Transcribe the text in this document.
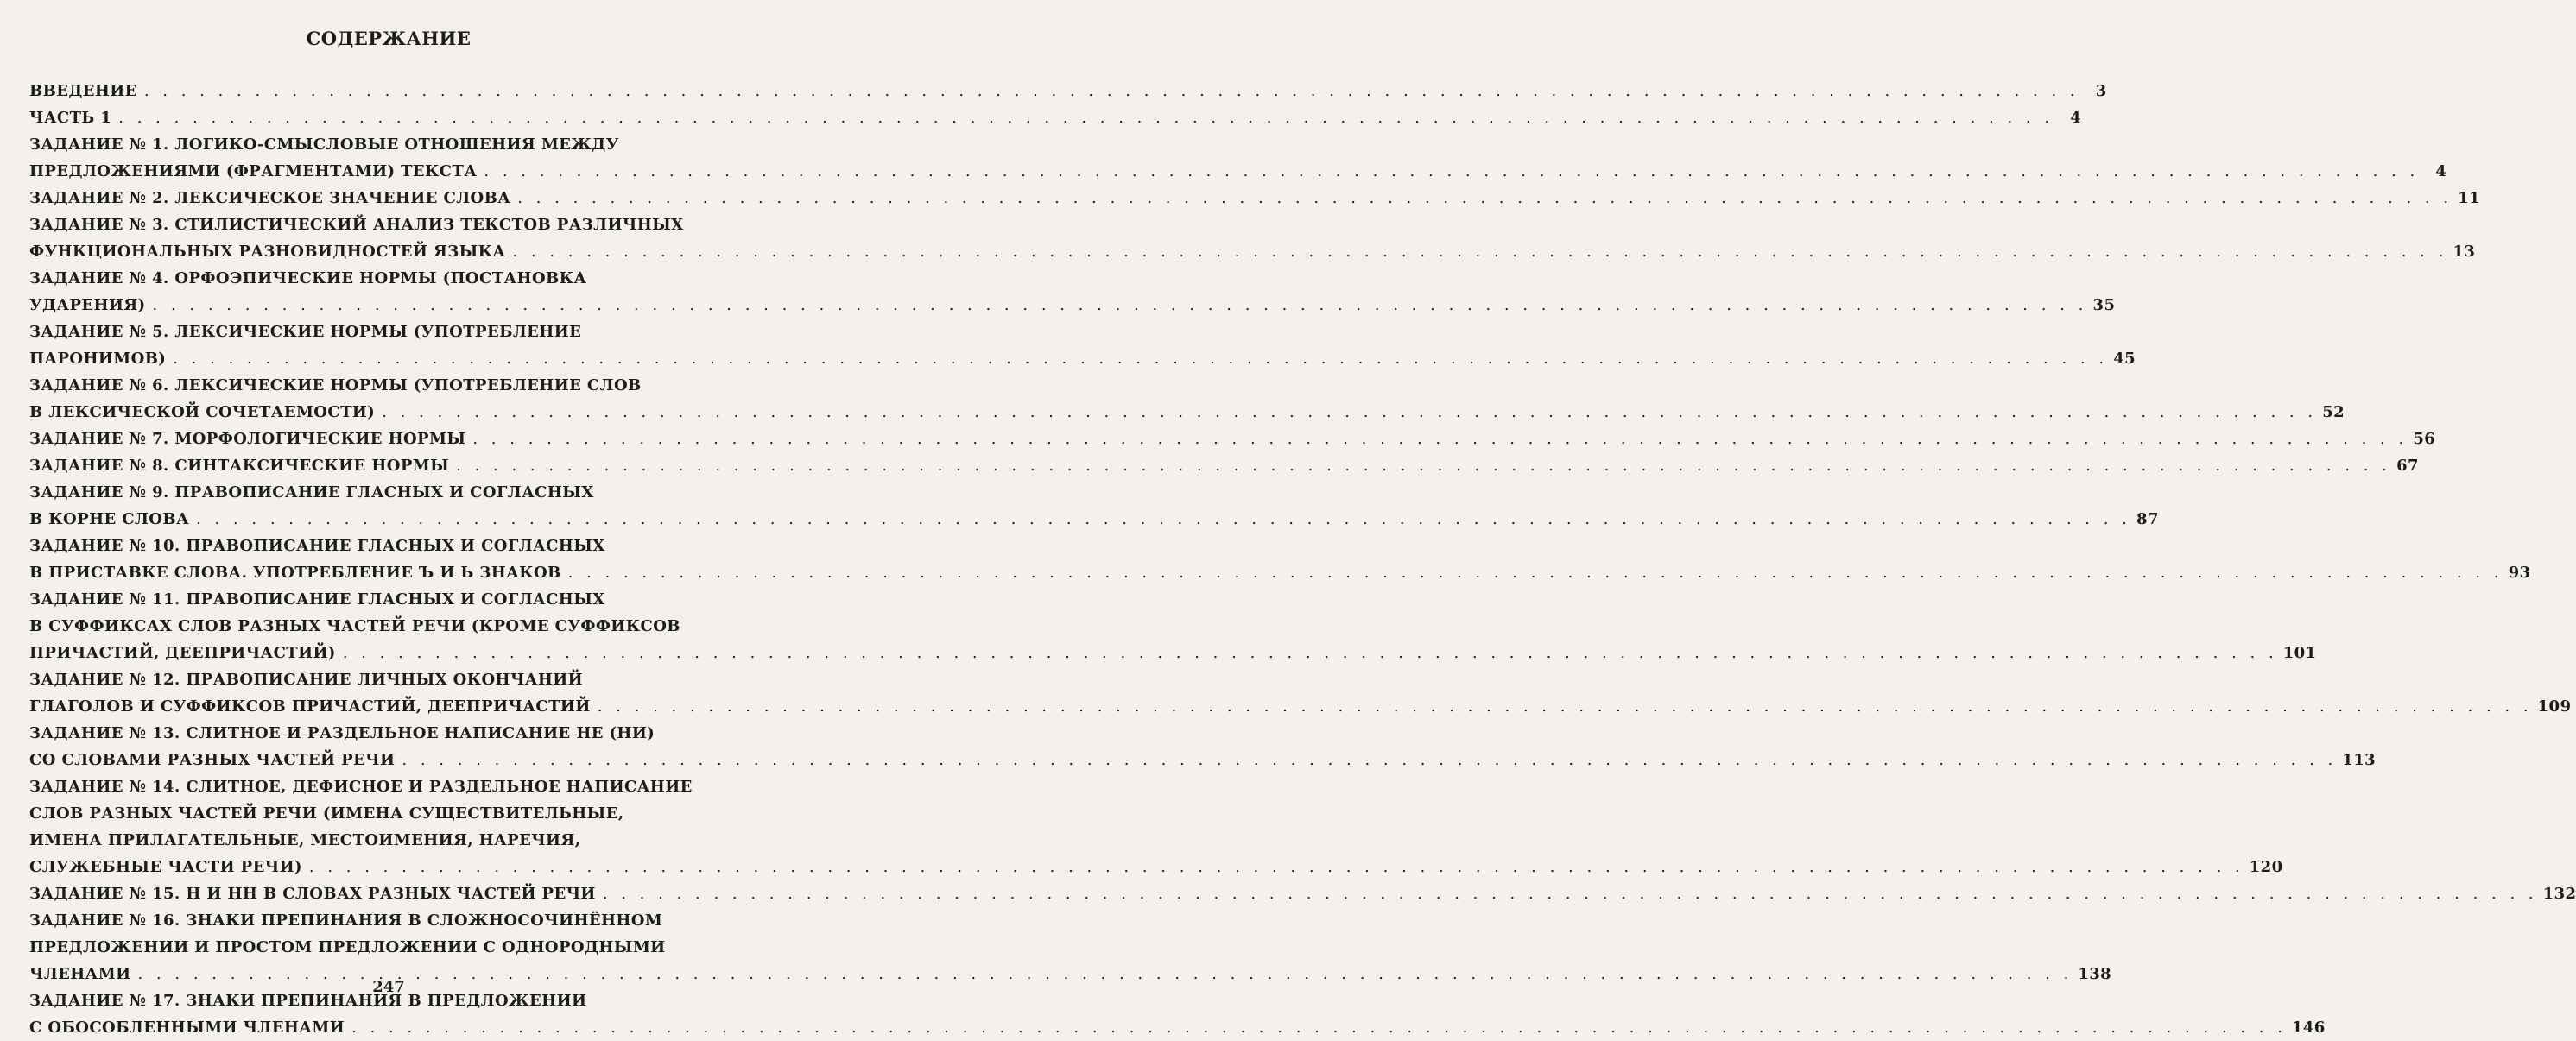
СОДЕРЖАНИЕ
ВВЕДЕНИЕ . . . . . . . . . . . . . . . . . . . . . . . . . . . . . . . . . . . . . . . . . . . . . . . . . . . . . . . . . . . . . . . . . . . . . . . . . . . . . . . . . . . . . . . . . . . . . . . . . . . . . . . . .	3
ЧАСТЬ 1 . . . . . . . . . . . . . . . . . . . . . . . . . . . . . . . . . . . . . . . . . . . . . . . . . . . . . . . . . . . . . . . . . . . . . . . . . . . . . . . . . . . . . . . . . . . . . . . . . . . . . . . . .	4
ЗАДАНИЕ № 1. ЛОГИКО-СМЫСЛОВЫЕ ОТНОШЕНИЯ МЕЖДУ
ПРЕДЛОЖЕНИЯМИ (ФРАГМЕНТАМИ) ТЕКСТА . . . . . . . . . . . . . . . . . . . . . . . . . . . . . . . . . . . . . . . . . . . . . . . . . . . . . . . . . . . . . . . . . . . . . . . . . . . . . . . . . . . . . . . . . . . . . . . . . . . . . . . . .	4
ЗАДАНИЕ № 2. ЛЕКСИЧЕСКОЕ ЗНАЧЕНИЕ СЛОВА . . . . . . . . . . . . . . . . . . . . . . . . . . . . . . . . . . . . . . . . . . . . . . . . . . . . . . . . . . . . . . . . . . . . . . . . . . . . . . . . . . . . . . . . . . . . . . . . . . . . . . . . . 11
ЗАДАНИЕ № 3. СТИЛИСТИЧЕСКИЙ АНАЛИЗ ТЕКСТОВ РАЗЛИЧНЫХ
ФУНКЦИОНАЛЬНЫХ РАЗНОВИДНОСТЕЙ ЯЗЫКА . . . . . . . . . . . . . . . . . . . . . . . . . . . . . . . . . . . . . . . . . . . . . . . . . . . . . . . . . . . . . . . . . . . . . . . . . . . . . . . . . . . . . . . . . . . . . . . . . . . . . . . . . 13
ЗАДАНИЕ № 4. ОРФОЭПИЧЕСКИЕ НОРМЫ (ПОСТАНОВКА
УДАРЕНИЯ) . . . . . . . . . . . . . . . . . . . . . . . . . . . . . . . . . . . . . . . . . . . . . . . . . . . . . . . . . . . . . . . . . . . . . . . . . . . . . . . . . . . . . . . . . . . . . . . . . . . . . . . . . 35
ЗАДАНИЕ № 5. ЛЕКСИЧЕСКИЕ НОРМЫ (УПОТРЕБЛЕНИЕ
ПАРОНИМОВ) . . . . . . . . . . . . . . . . . . . . . . . . . . . . . . . . . . . . . . . . . . . . . . . . . . . . . . . . . . . . . . . . . . . . . . . . . . . . . . . . . . . . . . . . . . . . . . . . . . . . . . . . . 45
ЗАДАНИЕ № 6. ЛЕКСИЧЕСКИЕ НОРМЫ (УПОТРЕБЛЕНИЕ СЛОВ
В ЛЕКСИЧЕСКОЙ СОЧЕТАЕМОСТИ) . . . . . . . . . . . . . . . . . . . . . . . . . . . . . . . . . . . . . . . . . . . . . . . . . . . . . . . . . . . . . . . . . . . . . . . . . . . . . . . . . . . . . . . . . . . . . . . . . . . . . . . . . 52
ЗАДАНИЕ № 7. МОРФОЛОГИЧЕСКИЕ НОРМЫ . . . . . . . . . . . . . . . . . . . . . . . . . . . . . . . . . . . . . . . . . . . . . . . . . . . . . . . . . . . . . . . . . . . . . . . . . . . . . . . . . . . . . . . . . . . . . . . . . . . . . . . . . 56
ЗАДАНИЕ № 8. СИНТАКСИЧЕСКИЕ НОРМЫ . . . . . . . . . . . . . . . . . . . . . . . . . . . . . . . . . . . . . . . . . . . . . . . . . . . . . . . . . . . . . . . . . . . . . . . . . . . . . . . . . . . . . . . . . . . . . . . . . . . . . . . . . 67
ЗАДАНИЕ № 9. ПРАВОПИСАНИЕ ГЛАСНЫХ И СОГЛАСНЫХ
В КОРНЕ СЛОВА . . . . . . . . . . . . . . . . . . . . . . . . . . . . . . . . . . . . . . . . . . . . . . . . . . . . . . . . . . . . . . . . . . . . . . . . . . . . . . . . . . . . . . . . . . . . . . . . . . . . . . . . . 87
ЗАДАНИЕ № 10. ПРАВОПИСАНИЕ ГЛАСНЫХ И СОГЛАСНЫХ
В ПРИСТАВКЕ СЛОВА. УПОТРЕБЛЕНИЕ Ъ И Ь ЗНАКОВ . . . . . . . . . . . . . . . . . . . . . . . . . . . . . . . . . . . . . . . . . . . . . . . . . . . . . . . . . . . . . . . . . . . . . . . . . . . . . . . . . . . . . . . . . . . . . . . . . . . . . . . . . 93
ЗАДАНИЕ № 11. ПРАВОПИСАНИЕ ГЛАСНЫХ И СОГЛАСНЫХ
В СУФФИКСАХ СЛОВ РАЗНЫХ ЧАСТЕЙ РЕЧИ (КРОМЕ СУФФИКСОВ
ПРИЧАСТИЙ, ДЕЕПРИЧАСТИЙ) . . . . . . . . . . . . . . . . . . . . . . . . . . . . . . . . . . . . . . . . . . . . . . . . . . . . . . . . . . . . . . . . . . . . . . . . . . . . . . . . . . . . . . . . . . . . . . . . . . . . . . . . . 101
ЗАДАНИЕ № 12. ПРАВОПИСАНИЕ ЛИЧНЫХ ОКОНЧАНИЙ
ГЛАГОЛОВ И СУФФИКСОВ ПРИЧАСТИЙ, ДЕЕПРИЧАСТИЙ . . . . . . . . . . . . . . . . . . . . . . . . . . . . . . . . . . . . . . . . . . . . . . . . . . . . . . . . . . . . . . . . . . . . . . . . . . . . . . . . . . . . . . . . . . . . . . . . . . . . . . . . . 109
ЗАДАНИЕ № 13. СЛИТНОЕ И РАЗДЕЛЬНОЕ НАПИСАНИЕ НЕ (НИ)
СО СЛОВАМИ РАЗНЫХ ЧАСТЕЙ РЕЧИ . . . . . . . . . . . . . . . . . . . . . . . . . . . . . . . . . . . . . . . . . . . . . . . . . . . . . . . . . . . . . . . . . . . . . . . . . . . . . . . . . . . . . . . . . . . . . . . . . . . . . . . . . 113
ЗАДАНИЕ № 14. СЛИТНОЕ, ДЕФИСНОЕ И РАЗДЕЛЬНОЕ НАПИСАНИЕ
СЛОВ РАЗНЫХ ЧАСТЕЙ РЕЧИ (ИМЕНА СУЩЕСТВИТЕЛЬНЫЕ,
ИМЕНА ПРИЛАГАТЕЛЬНЫЕ, МЕСТОИМЕНИЯ, НАРЕЧИЯ,
СЛУЖЕБНЫЕ ЧАСТИ РЕЧИ) . . . . . . . . . . . . . . . . . . . . . . . . . . . . . . . . . . . . . . . . . . . . . . . . . . . . . . . . . . . . . . . . . . . . . . . . . . . . . . . . . . . . . . . . . . . . . . . . . . . . . . . . . 120
ЗАДАНИЕ № 15. Н И НН В СЛОВАХ РАЗНЫХ ЧАСТЕЙ РЕЧИ . . . . . . . . . . . . . . . . . . . . . . . . . . . . . . . . . . . . . . . . . . . . . . . . . . . . . . . . . . . . . . . . . . . . . . . . . . . . . . . . . . . . . . . . . . . . . . . . . . . . . . . . . 132
ЗАДАНИЕ № 16. ЗНАКИ ПРЕПИНАНИЯ В СЛОЖНОСОЧИНЁННОМ
ПРЕДЛОЖЕНИИ И ПРОСТОМ ПРЕДЛОЖЕНИИ С ОДНОРОДНЫМИ
ЧЛЕНАМИ . . . . . . . . . . . . . . . . . . . . . . . . . . . . . . . . . . . . . . . . . . . . . . . . . . . . . . . . . . . . . . . . . . . . . . . . . . . . . . . . . . . . . . . . . . . . . . . . . . . . . . . . . 138
ЗАДАНИЕ № 17. ЗНАКИ ПРЕПИНАНИЯ В ПРЕДЛОЖЕНИИ
С ОБОСОБЛЕННЫМИ ЧЛЕНАМИ . . . . . . . . . . . . . . . . . . . . . . . . . . . . . . . . . . . . . . . . . . . . . . . . . . . . . . . . . . . . . . . . . . . . . . . . . . . . . . . . . . . . . . . . . . . . . . . . . . . . . . . . . 146
247
